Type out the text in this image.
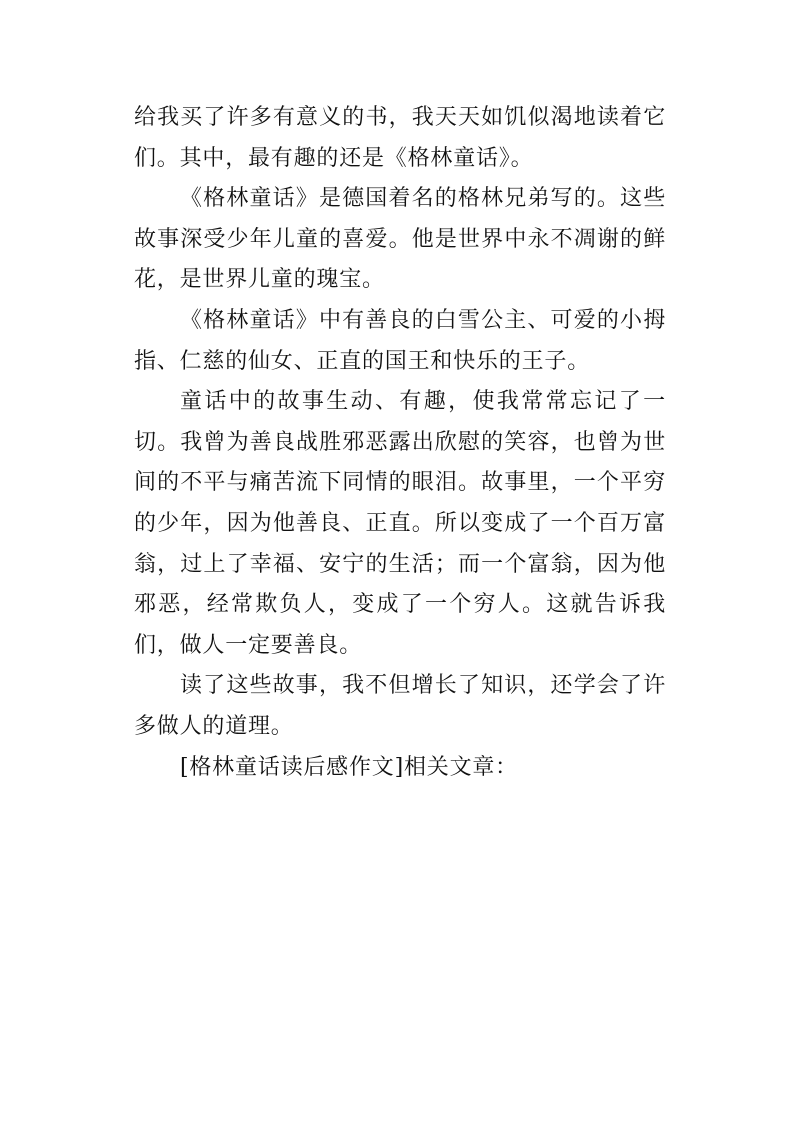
给我买了许多有意义的书，我天天如饥似渴地读着它们。其中，最有趣的还是《格林童话》。

《格林童话》是德国着名的格林兄弟写的。这些故事深受少年儿童的喜爱。他是世界中永不凋谢的鲜花，是世界儿童的瑰宝。

《格林童话》中有善良的白雪公主、可爱的小拇指、仁慈的仙女、正直的国王和快乐的王子。

童话中的故事生动、有趣，使我常常忘记了一切。我曾为善良战胜邪恶露出欣慰的笑容，也曾为世间的不平与痛苦流下同情的眼泪。故事里，一个平穷的少年，因为他善良、正直。所以变成了一个百万富翁，过上了幸福、安宁的生活；而一个富翁，因为他邪恶，经常欺负人，变成了一个穷人。这就告诉我们，做人一定要善良。

读了这些故事，我不但增长了知识，还学会了许多做人的道理。

[格林童话读后感作文]相关文章：
